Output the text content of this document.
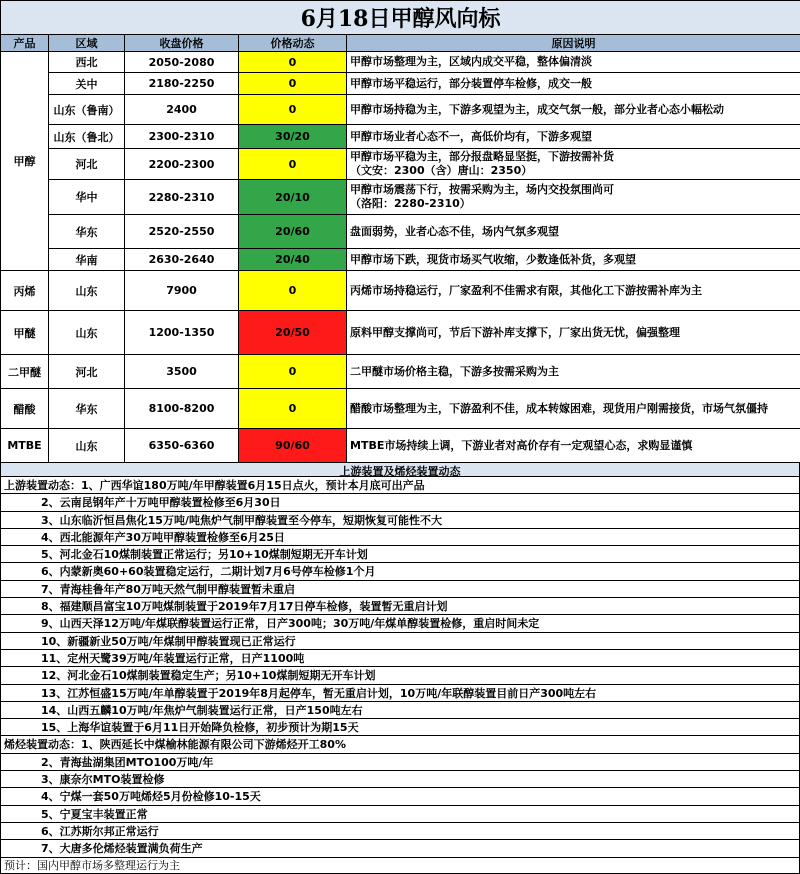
6月18日甲醇风向标				
产品	区域	收盘价格	价格动态	原因说明
甲醇	西北	2050-2080	0	甲醇市场整理为主，区域内成交平稳，整体偏清淡

	关中	2180-2250	0	甲醇市场平稳运行，部分装置停车检修，成交一般

	山东（鲁南）	2400	0	甲醇市场持稳为主，下游多观望为主，成交气氛一般，部分业者心态小幅松动

	山东（鲁北）	2300-2310	30/20	甲醇市场业者心态不一，高低价均有，下游多观望

	河北	2200-2300	0	甲醇市场平稳为主，部分报盘略显坚挺，下游按需补货
（文安：2300（含）唐山：2350）

	华中	2280-2310	20/10	甲醇市场震荡下行，按需采购为主，场内交投氛围尚可
（洛阳：2280-2310）

	华东	2520-2550	20/60	盘面弱势，业者心态不佳，场内气氛多观望

	华南	2630-2640	20/40	甲醇市场下跌，现货市场买气收缩，少数逢低补货，多观望

丙烯	山东	7900	0	丙烯市场持稳运行，厂家盈利不佳需求有限，其他化工下游按需补库为主

甲醚	山东	1200-1350	20/50	原料甲醇支撑尚可，节后下游补库支撑下，厂家出货无忧，偏强整理

二甲醚	河北	3500	0	二甲醚市场价格主稳，下游多按需采购为主

醋酸	华东	8100-8200	0	醋酸市场整理为主，下游盈利不佳，成本转嫁困难，现货用户刚需接货，市场气氛僵持

MTBE	山东	6350-6360	90/60	MTBE市场持续上调，下游业者对高价存有一定观望心态，求购显谨慎
上游装置及烯烃装置动态
上游装置动态：1、广西华谊180万吨/年甲醇装置6月15日点火，预计本月底可出产品
2、云南昆钢年产十万吨甲醇装置检修至6月30日
3、山东临沂恒昌焦化15万吨/吨焦炉气制甲醇装置至今停车，短期恢复可能性不大
4、西北能源年产30万吨甲醇装置检修至6月25日
5、河北金石10煤制装置正常运行；另10+10煤制短期无开车计划
6、内蒙新奥60+60装置稳定运行，二期计划7月6号停车检修1个月
7、青海桂鲁年产80万吨天然气制甲醇装置暂未重启
8、福建顺昌富宝10万吨煤制装置于2019年7月17日停车检修，装置暂无重启计划
9、山西天泽12万吨/年煤联醇装置运行正常，日产300吨；30万吨/年煤单醇装置检修，重启时间未定
10、新疆新业50万吨/年煤制甲醇装置现已正常运行
11、定州天鹭39万吨/年装置运行正常，日产1100吨
12、河北金石10煤制装置稳定生产；另10+10煤制短期无开车计划
13、江苏恒盛15万吨/年单醇装置于2019年8月起停车，暂无重启计划，10万吨/年联醇装置目前日产300吨左右
14、山西五麟10万吨/年焦炉气制装置运行正常，日产150吨左右
15、上海华谊装置于6月11日开始降负检修，初步预计为期15天
烯烃装置动态：1、陕西延长中煤榆林能源有限公司下游烯烃开工80%
2、青海盐湖集团MTO100万吨/年
3、康奈尔MTO装置检修
4、宁煤一套50万吨烯烃5月份检修10-15天
5、宁夏宝丰装置正常
6、江苏斯尔邦正常运行
7、大唐多伦烯烃装置满负荷生产
预计：国内甲醇市场多整理运行为主
